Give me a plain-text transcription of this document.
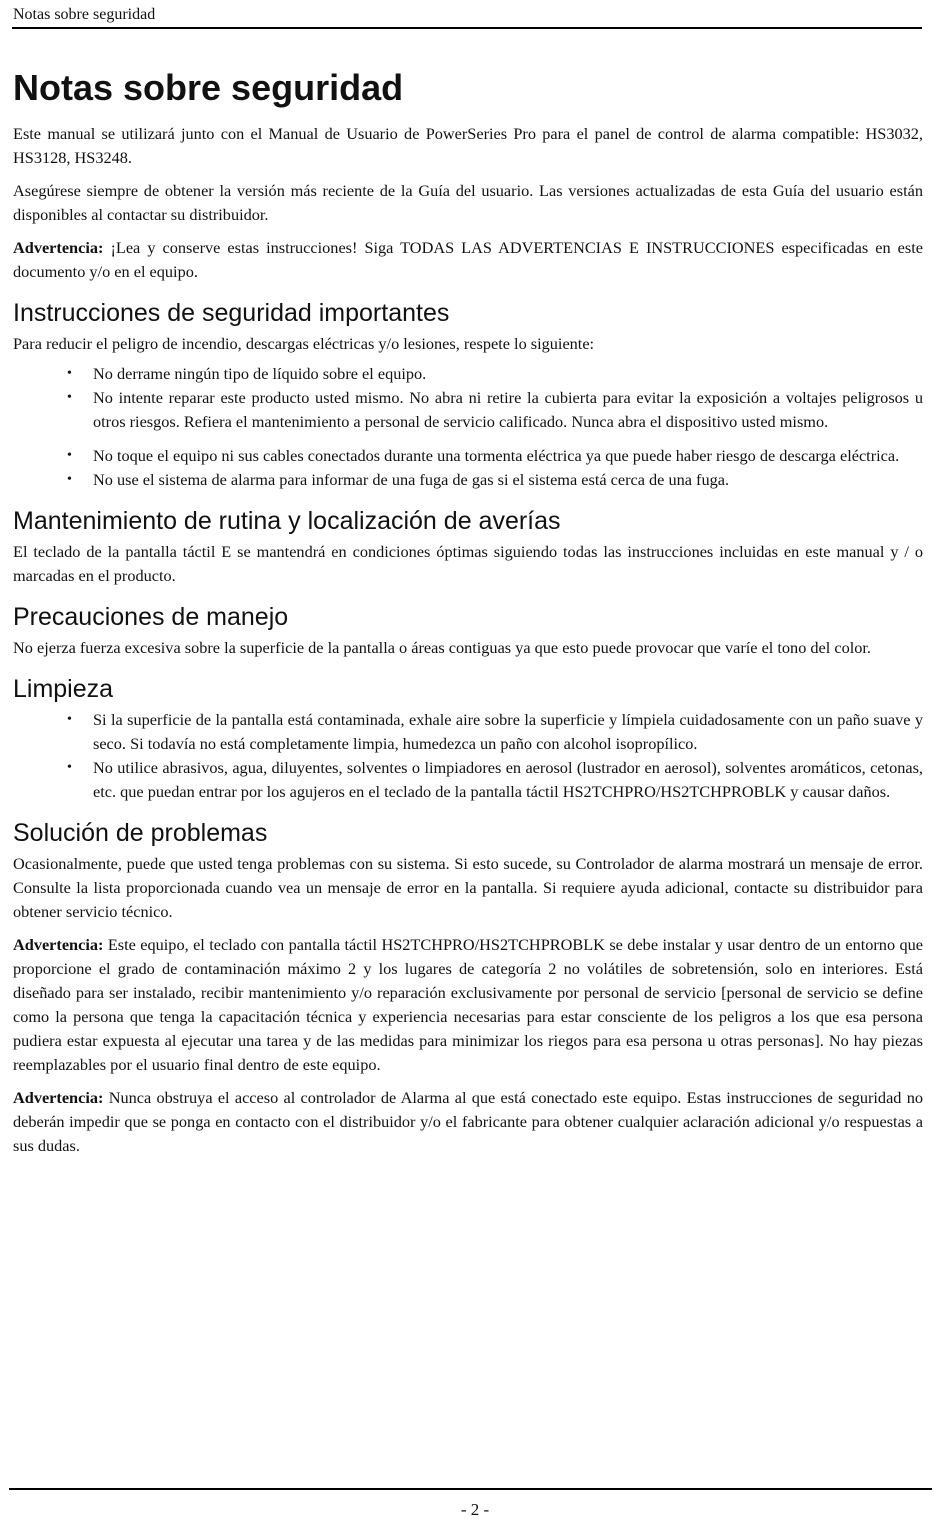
Notas sobre seguridad
Notas sobre seguridad

Este manual se utilizará junto con el Manual de Usuario de PowerSeries Pro para el panel de control de alarma compatible: HS3032, HS3128, HS3248.

Asegúrese siempre de obtener la versión más reciente de la Guía del usuario. Las versiones actualizadas de esta Guía del usuario están disponibles al contactar su distribuidor.

Advertencia: ¡Lea y conserve estas instrucciones! Siga TODAS LAS ADVERTENCIAS E INSTRUCCIONES especificadas en este documento y/o en el equipo.

Instrucciones de seguridad importantes

Para reducir el peligro de incendio, descargas eléctricas y/o lesiones, respete lo siguiente:

• No derrame ningún tipo de líquido sobre el equipo.
• No intente reparar este producto usted mismo. No abra ni retire la cubierta para evitar la exposición a voltajes peligrosos u otros riesgos. Refiera el mantenimiento a personal de servicio calificado. Nunca abra el dispositivo usted mismo.
• No toque el equipo ni sus cables conectados durante una tormenta eléctrica ya que puede haber riesgo de descarga eléctrica.
• No use el sistema de alarma para informar de una fuga de gas si el sistema está cerca de una fuga.
Mantenimiento de rutina y localización de averías

El teclado de la pantalla táctil E se mantendrá en condiciones óptimas siguiendo todas las instrucciones incluidas en este manual y / o marcadas en el producto.

Precauciones de manejo

No ejerza fuerza excesiva sobre la superficie de la pantalla o áreas contiguas ya que esto puede provocar que varíe el tono del color.

Limpieza
• Si la superficie de la pantalla está contaminada, exhale aire sobre la superficie y límpiela cuidadosamente con un paño suave y seco. Si todavía no está completamente limpia, humedezca un paño con alcohol isopropílico.
• No utilice abrasivos, agua, diluyentes, solventes o limpiadores en aerosol (lustrador en aerosol), solventes aromáticos, cetonas, etc. que puedan entrar por los agujeros en el teclado de la pantalla táctil HS2TCHPRO/HS2TCHPROBLK y causar daños.
Solución de problemas

Ocasionalmente, puede que usted tenga problemas con su sistema. Si esto sucede, su Controlador de alarma mostrará un mensaje de error. Consulte la lista proporcionada cuando vea un mensaje de error en la pantalla. Si requiere ayuda adicional, contacte su distribuidor para obtener servicio técnico.

Advertencia: Este equipo, el teclado con pantalla táctil HS2TCHPRO/HS2TCHPROBLK se debe instalar y usar dentro de un entorno que proporcione el grado de contaminación máximo 2 y los lugares de categoría 2 no volátiles de sobretensión, solo en interiores. Está diseñado para ser instalado, recibir mantenimiento y/o reparación exclusivamente por personal de servicio [personal de servicio se define como la persona que tenga la capacitación técnica y experiencia necesarias para estar consciente de los peligros a los que esa persona pudiera estar expuesta al ejecutar una tarea y de las medidas para minimizar los riegos para esa persona u otras personas]. No hay piezas reemplazables por el usuario final dentro de este equipo.

Advertencia: Nunca obstruya el acceso al controlador de Alarma al que está conectado este equipo. Estas instrucciones de seguridad no deberán impedir que se ponga en contacto con el distribuidor y/o el fabricante para obtener cualquier aclaración adicional y/o respuestas a sus dudas.

- 2 -
